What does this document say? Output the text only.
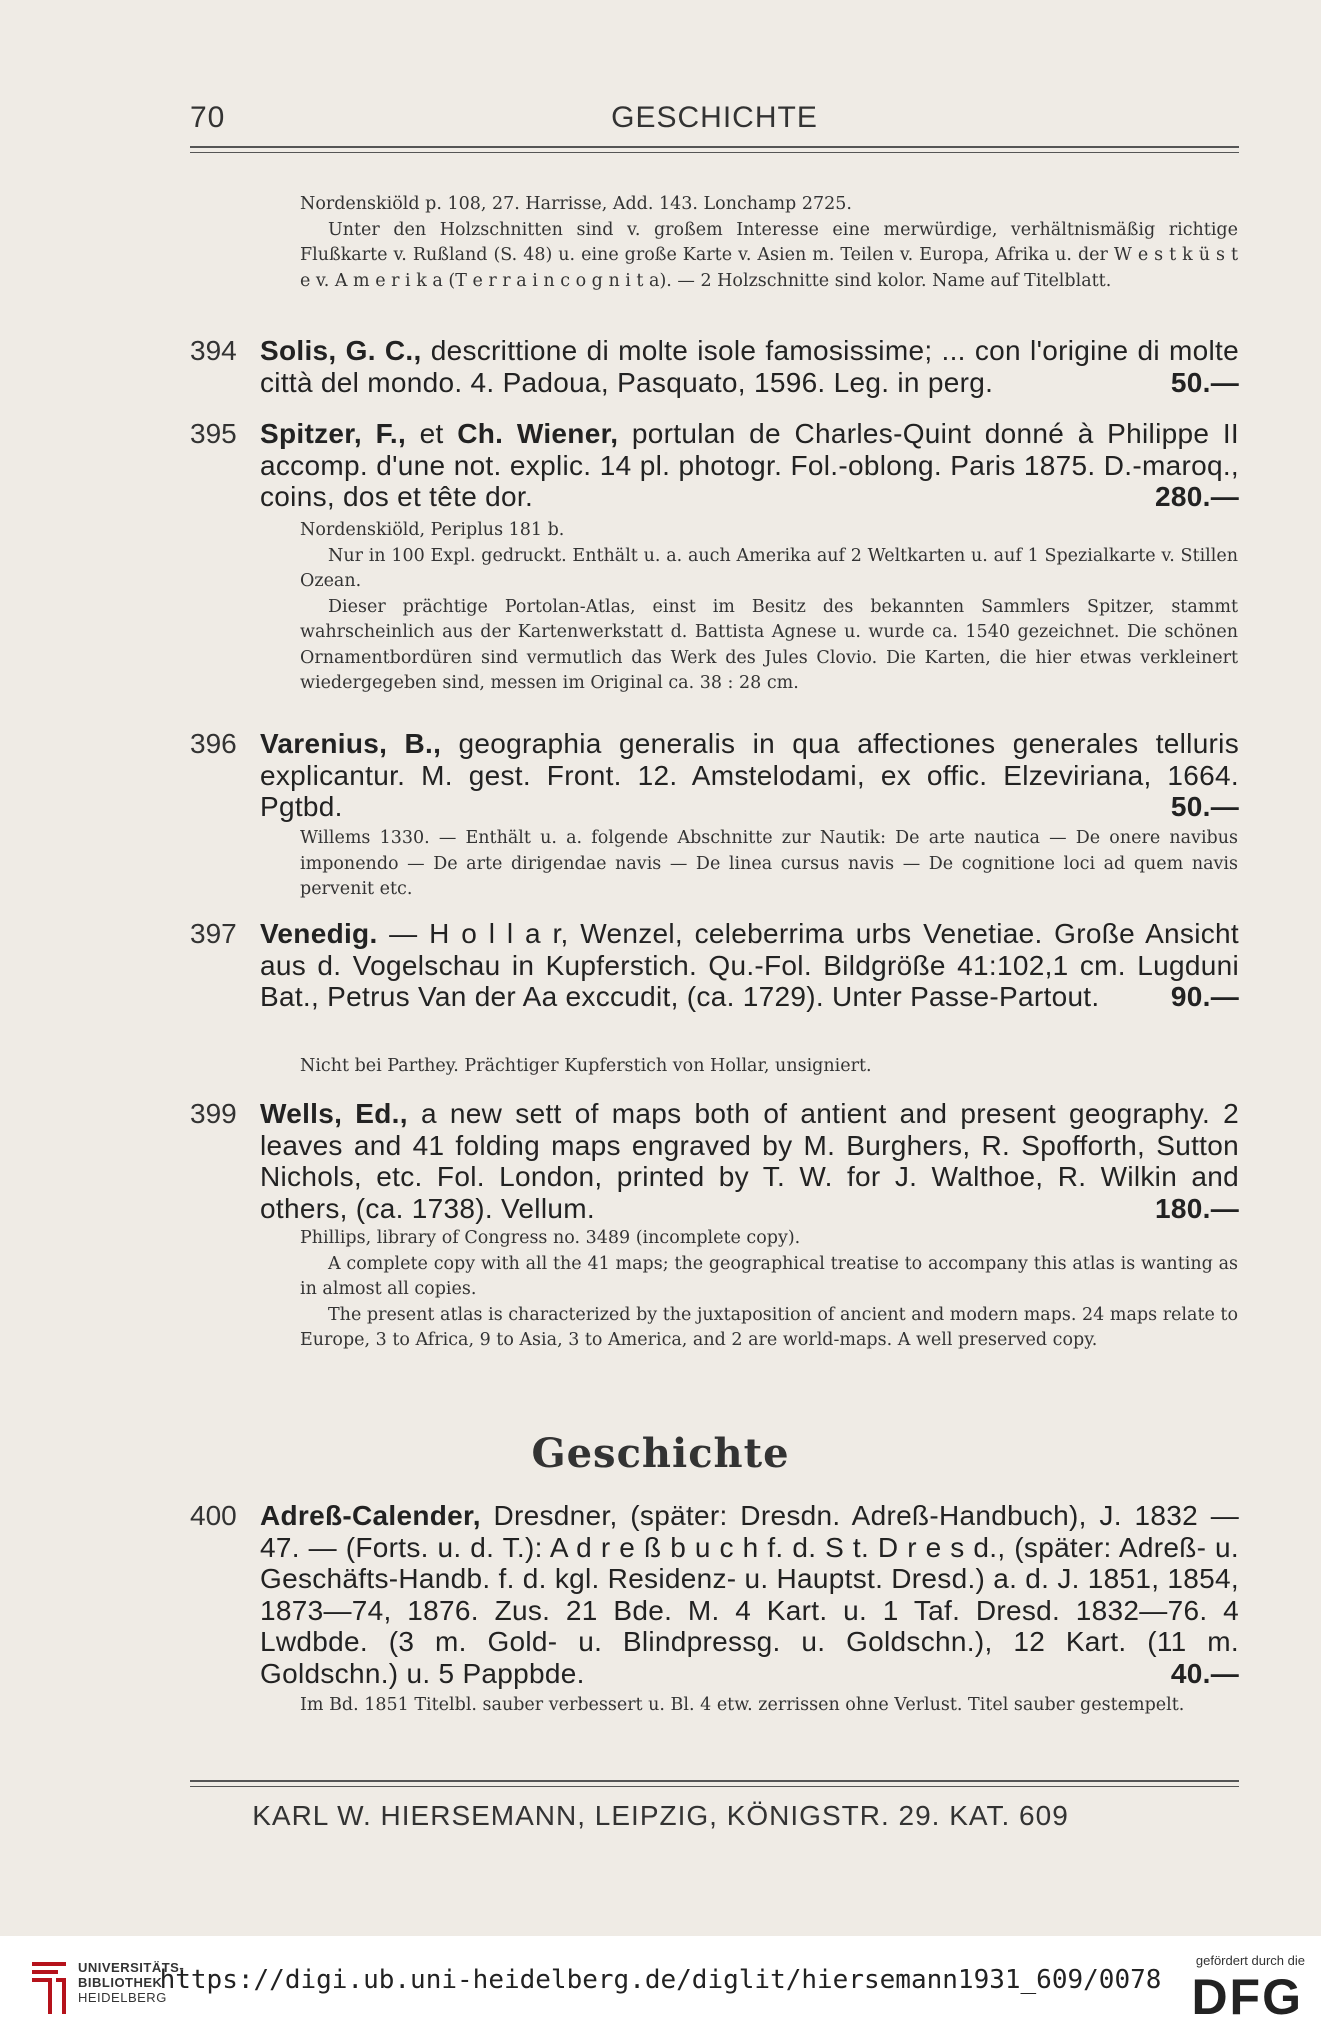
GESCHICHTE
70

Nordenskiöld p. 108, 27. Harrisse, Add. 143. Lonchamp 2725.

Unter den Holzschnitten sind v. großem Interesse eine merwürdige, verhältnismäßig richtige Flußkarte v. Rußland (S. 48) u. eine große Karte v. Asien m. Teilen v. Europa, Afrika u. der W e s t k ü s t e v. A m e r i k a (T e r r a i n c o g n i t a). — 2 Holzschnitte sind kolor. Name auf Titelblatt.

394 Solis, G. C., descrittione di molte isole famosissime; ... con l'origine di molte città del mondo. 4. Padoua, Pasquato, 1596. Leg. in perg.	50.—
395 Spitzer, F., et Ch. Wiener, portulan de Charles-Quint donné à Philippe II accomp. d'une not. explic. 14 pl. photogr. Fol.-oblong. Paris 1875. D.-maroq., coins, dos et tête dor.	280.—

Nordenskiöld, Periplus 181 b.

Nur in 100 Expl. gedruckt. Enthält u. a. auch Amerika auf 2 Weltkarten u. auf 1 Spezialkarte v. Stillen Ozean.

Dieser prächtige Portolan-Atlas, einst im Besitz des bekannten Sammlers Spitzer, stammt wahrscheinlich aus der Kartenwerkstatt d. Battista Agnese u. wurde ca. 1540 gezeichnet. Die schönen Ornamentbordüren sind vermutlich das Werk des Jules Clovio. Die Karten, die hier etwas verkleinert wiedergegeben sind, messen im Original ca. 38 : 28 cm.

396 Varenius, B., geographia generalis in qua affectiones generales telluris explicantur. M. gest. Front. 12. Amstelodami, ex offic. Elzeviriana, 1664. Pgtbd.	50.—

Willems 1330. — Enthält u. a. folgende Abschnitte zur Nautik: De arte nautica — De onere navibus imponendo — De arte dirigendae navis — De linea cursus navis — De cognitione loci ad quem navis pervenit etc.

397 Venedig. — H o l l a r, Wenzel, celeberrima urbs Venetiae. Große Ansicht aus d. Vogelschau in Kupferstich. Qu.-Fol. Bildgröße 41:102,1 cm. Lugduni Bat., Petrus Van der Aa exccudit, (ca. 1729). Unter Passe-Partout.	90.—

Nicht bei Parthey. Prächtiger Kupferstich von Hollar, unsigniert.

399 Wells, Ed., a new sett of maps both of antient and present geography. 2 leaves and 41 folding maps engraved by M. Burghers, R. Spofforth, Sutton Nichols, etc. Fol. London, printed by T. W. for J. Walthoe, R. Wilkin and others, (ca. 1738). Vellum.	180.—

Phillips, library of Congress no. 3489 (incomplete copy).

A complete copy with all the 41 maps; the geographical treatise to accompany this atlas is wanting as in almost all copies.

The present atlas is characterized by the juxtaposition of ancient and modern maps. 24 maps relate to Europe, 3 to Africa, 9 to Asia, 3 to America, and 2 are world-maps. A well preserved copy.

Geschichte
400 Adreß-Calender, Dresdner, (später: Dresdn. Adreß-Handbuch), J. 1832 —47. — (Forts. u. d. T.): A d r e ß b u c h f. d. S t. D r e s d., (später: Adreß- u. Geschäfts-Handb. f. d. kgl. Residenz- u. Hauptst. Dresd.) a. d. J. 1851, 1854, 1873—74, 1876. Zus. 21 Bde. M. 4 Kart. u. 1 Taf. Dresd. 1832—76. 4 Lwdbde. (3 m. Gold- u. Blindpressg. u. Goldschn.), 12 Kart. (11 m. Goldschn.) u. 5 Pappbde.	40.—

Im Bd. 1851 Titelbl. sauber verbessert u. Bl. 4 etw. zerrissen ohne Verlust. Titel sauber gestempelt.

KARL W. HIERSEMANN, LEIPZIG, KÖNIGSTR. 29. KAT. 609
UNIVERSITÄTS-
BIBLIOTHEK
HEIDELBERG
https://digi.ub.uni-heidelberg.de/diglit/hiersemann1931_609/0078
gefördert durch die
DFG
